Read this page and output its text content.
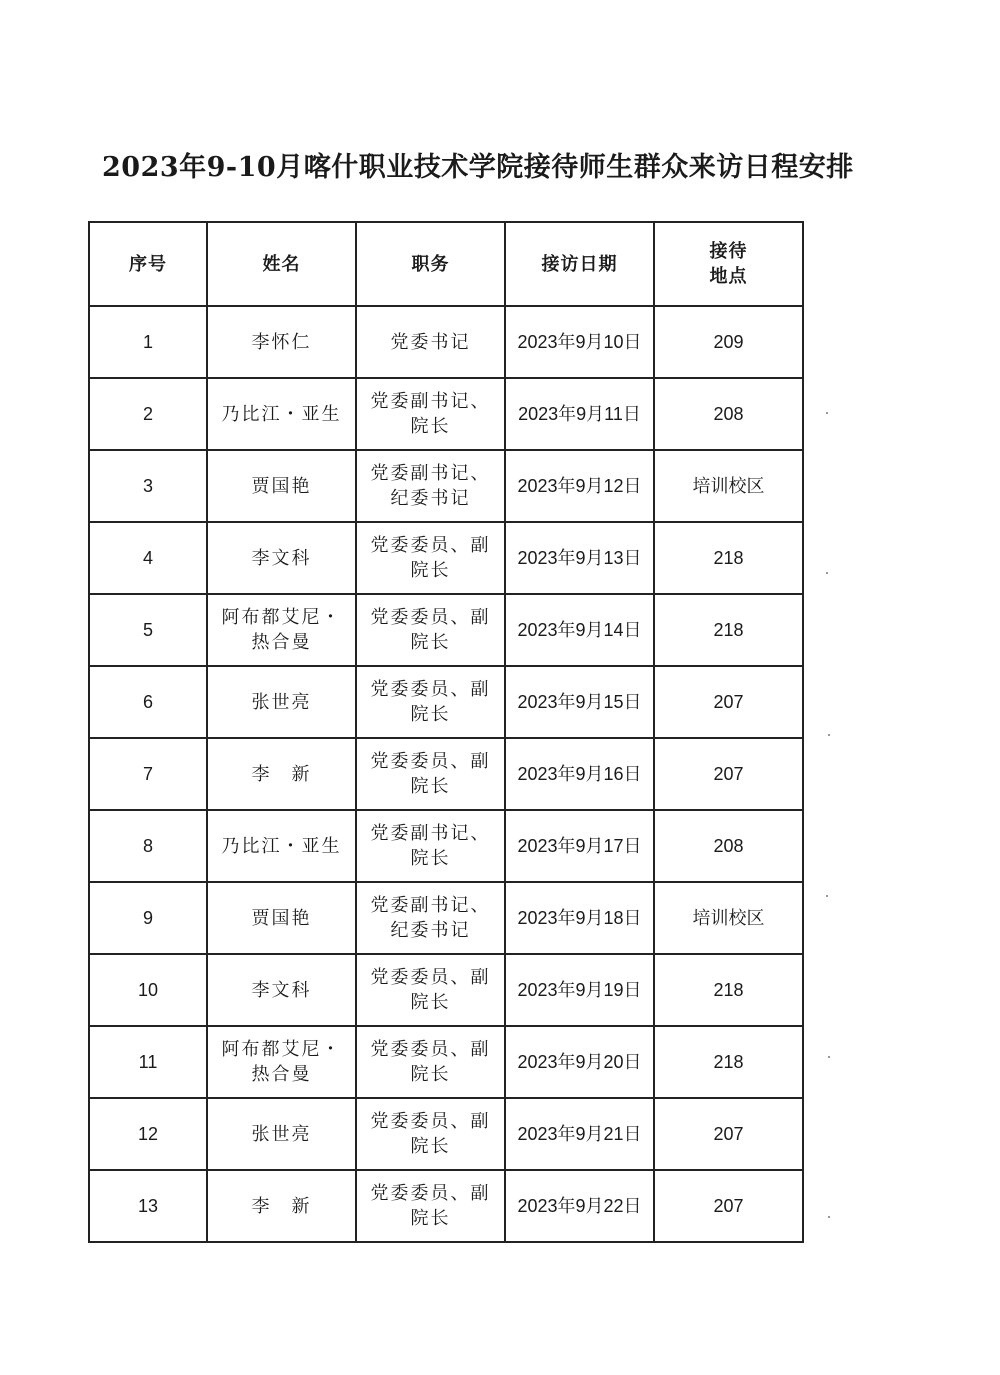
2023年9-10月喀什职业技术学院接待师生群众来访日程安排
序号	姓名	职务	接访日期	接待
地点

1	李怀仁	党委书记	2023年9月10日	209
2	乃比江・亚生	党委副书记、院长	2023年9月11日	208
3	贾国艳	党委副书记、纪委书记	2023年9月12日	培训校区
4	李文科	党委委员、副院长	2023年9月13日	218
5	阿布都艾尼・热合曼	党委委员、副院长	2023年9月14日	218
6	张世亮	党委委员、副院长	2023年9月15日	207
7	李　新	党委委员、副院长	2023年9月16日	207
8	乃比江・亚生	党委副书记、院长	2023年9月17日	208
9	贾国艳	党委副书记、纪委书记	2023年9月18日	培训校区
10	李文科	党委委员、副院长	2023年9月19日	218
11	阿布都艾尼・热合曼	党委委员、副院长	2023年9月20日	218
12	张世亮	党委委员、副院长	2023年9月21日	207
13	李　新	党委委员、副院长	2023年9月22日	207
